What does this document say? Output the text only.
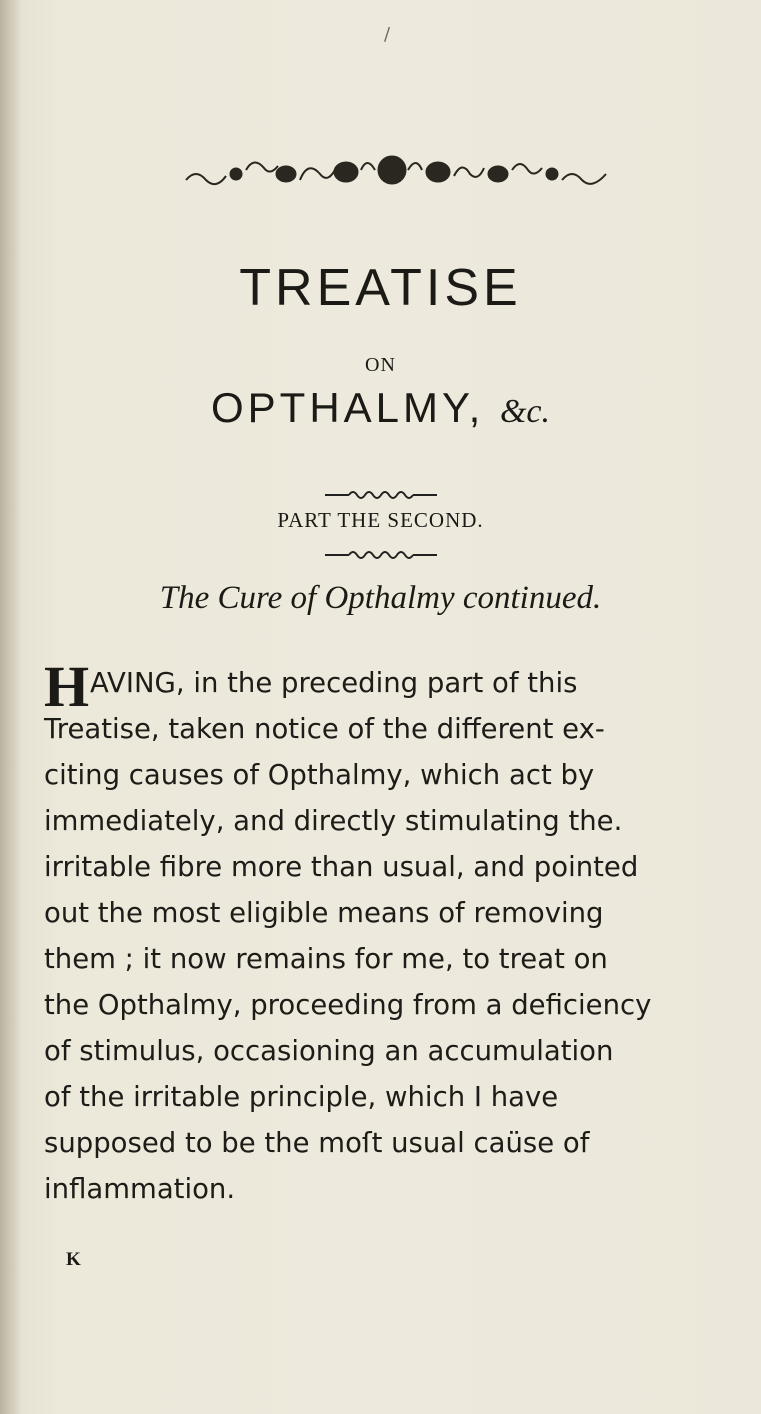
/
TREATISE
ON
OPTHALMY, &c.
PART THE SECOND.
The Cure of Opthalmy continued.
H AVING, in the preceding part of this
Treatise, taken notice of the different ex-
citing causes of Opthalmy, which act by
immediately, and directly stimulating the.
irritable fibre more than usual, and pointed
out the most eligible means of removing
them ; it now remains for me, to treat on
the Opthalmy, proceeding from a deficiency
of stimulus, occasioning an accumulation
of the irritable principle, which I have
supposed to be the moſt usual caüse of
inflammation.
K
